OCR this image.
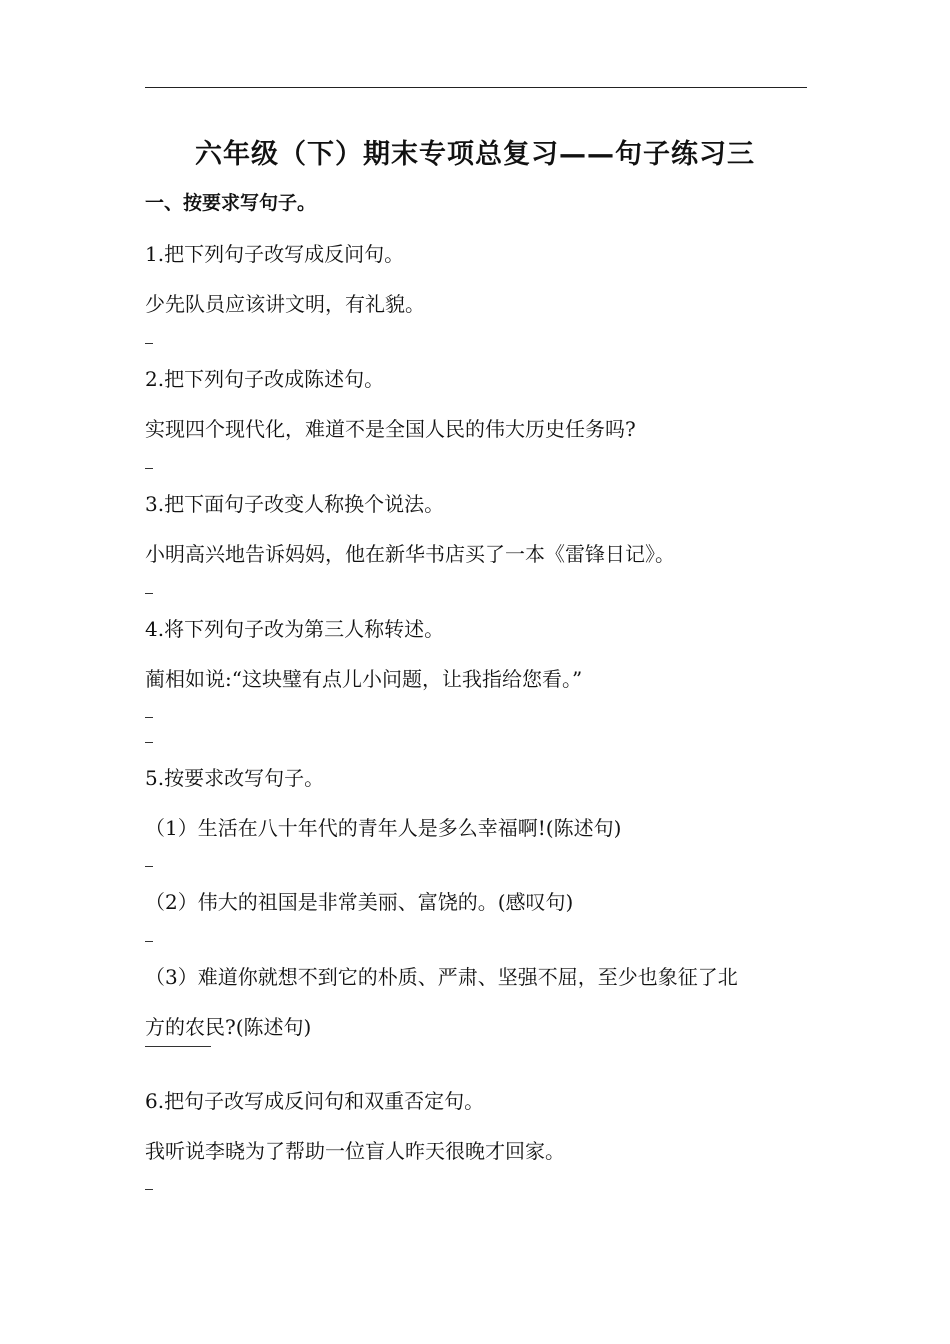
六年级（下）期末专项总复习——句子练习三
一、按要求写句子。
1.把下列句子改写成反问句。
少先队员应该讲文明，有礼貌。
2.把下列句子改成陈述句。
实现四个现代化，难道不是全国人民的伟大历史任务吗?
3.把下面句子改变人称换个说法。
小明高兴地告诉妈妈，他在新华书店买了一本《雷锋日记》。
4.将下列句子改为第三人称转述。
蔺相如说:“这块璧有点儿小问题，让我指给您看。”
5.按要求改写句子。
（1）生活在八十年代的青年人是多么幸福啊!(陈述句)
（2）伟大的祖国是非常美丽、富饶的。(感叹句)
（3）难道你就想不到它的朴质、严肃、坚强不屈，至少也象征了北
方的农民?(陈述句)
6.把句子改写成反问句和双重否定句。
我听说李晓为了帮助一位盲人昨天很晚才回家。
